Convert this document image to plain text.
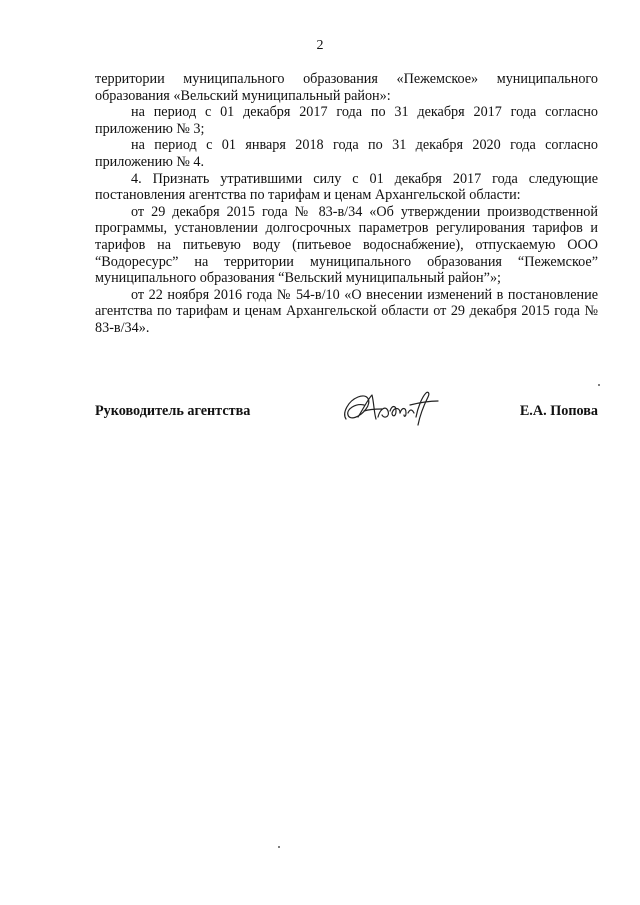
2

территории муниципального образования «Пежемское» муниципального образования «Вельский муниципальный район»:

на период с 01 декабря 2017 года по 31 декабря 2017 года согласно приложению № 3;

на период с 01 января 2018 года по 31 декабря 2020 года согласно приложению № 4.

4. Признать утратившими силу с 01 декабря 2017 года следующие постановления агентства по тарифам и ценам Архангельской области:

от 29 декабря 2015 года № 83-в/34 «Об утверждении производственной программы, установлении долгосрочных параметров регулирования тарифов и тарифов на питьевую воду (питьевое водоснабжение), отпускаемую ООО “Водоресурс” на территории муниципального образования “Пежемское” муниципального образования “Вельский муниципальный район”»;

от 22 ноября 2016 года № 54-в/10 «О внесении изменений в постановление агентства по тарифам и ценам Архангельской области от 29 декабря 2015 года № 83-в/34».

Руководитель агентства	Е.А. Попова
